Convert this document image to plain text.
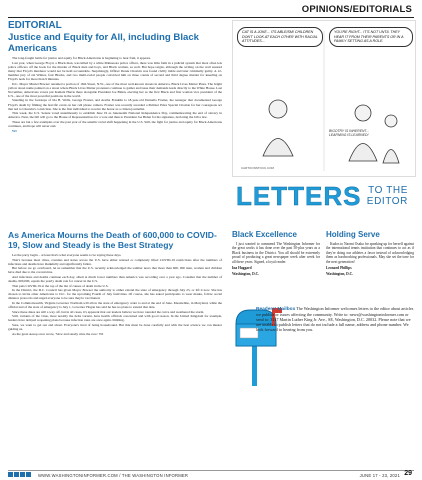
OPINIONS/EDITORIALS
EDITORIAL
Justice and Equity for All, including Black Americans

The long-fought battle for justice and equity for Black Americans is beginning to bear fruit, it appears.

Last year, when George Floyd, a Black man, was killed by a white Minnesota police officer, there was little faith in a judicial system that most often lets police officers off the hook for the murder of Black men and boys, and Black women, as well. But hope reigns, although the writing on the wall assured many that Floyd's murderer would not be held accountable. Surprisingly, Officer Derek Chauvin was found civilly liable and later criminally guilty. A 12-member jury of six Whites, four Blacks, and two multi-racial people convicted him on three counts of second and third degree murder for kneeling on Floyd's neck for more than 9 minutes.

D.C. Mayor Muriel Bowser renamed a portion of 16th Street, N.W., one of the most well-known streets in America, Black Lives Matter Plaza. The bright yellow street name painted on a street where Black Lives Matter protesters continue to gather and issue their demands leads directly to the White House. Last November, Americans voters put Kamala Harris there alongside President Joe Biden, electing her as the first Black and first woman vice president of the U.S., one of the most powerful positions in the world.

Standing in the footsteps of Ida B. Wells, George Frazier, and Aretha Franklin is 18-year-old Darnella Frazier, the teenager that documented George Floyd's death by filming the horrific event on her cell phone camera. Frazier was recently awarded a Pulitzer Prize Special Citation for her courageous act that led to Chauvin's conviction. She is the first individual to receive the honor as a citizen journalist.

This week, the U.S. Senate voted unanimously to establish June 19 as Juneteenth National Independence Day, commemorating the end of slavery in America. Next, the bill will go to the House of Representatives for a vote and then to President Joe Biden for his signature, declaring the bill a law.

These are but a few examples over the past year of the seismic racial shift happening in the U.S. Still, the fight for justice and equity for Black Americans continues, and hope will never end.

WI

CAT IS A JOKE... ITS ABLEISM! CHILDREN DON'T LOOK AT EACH OTHER WITH RACIAL ATTITUDES...
YOU'RE RIGHT... IT'S NOT UNTIL THEY HEAR IT FROM THEIR PARENTS OR IN A FAMILY SETTING AS A ROLE.
BIGOTRY IS INHERENT...
LEARNING IS LEARNED!
CARTOONSTOCK.COM
LETTERS TO THE
EDITOR
As America Mourns the Death of 600,000 to COVID-19, Slow and Steady is the Best Strategy

Let the party begin – at least that's what everyone seems to be saying these days.

That's because most cities, counties and states across the U.S. have either relaxed or completely lifted COVID-19 restrictions after the numbers of infections and deaths have thankfully and significantly fallen.

But before we go overboard, let us remember that the U.S. recently acknowledged the somber news that more than 600, 000 men, women and children have died due to the coronavirus.

And infections and deaths continue each day, albeit at much lower numbers than America was recording over a year ago. Consider that the number of deaths, 600,000, equals the yearly death rate for cancer in the U.S.

That puts COVID-19 at the top of the list of causes of death in the U.S.

In the District, the D.C. Council has given Mayor Bowser the authority to either extend the state of emergency through July 25, or lift it now. She has chosen to invite other Americans to D.C. for the upcoming Fourth of July festivities. Of course, she has asked participants to wear masks, follow social distance protocols and urged everyone to be sure they're vaccinated.

In the Commonwealth, Virginia Governor Northam will allow the state of emergency order to end at the end of June. Meanwhile, in Maryland, while the official end of the state of emergency is July 1, Governor Hogan has said he has no plans to extend that date.

Since these dates are still a way off, but in all cases, it's apparent that our leaders believe we have rounded the curve and weathered the storm.

Still, variants of the virus, most notably the delta variant, have health officials concerned and with good reason. In the United Kingdom for example, leaders have delayed reopening plans because infection rates are once again climbing.

Sure, we want to get out and about. Everyone's tired of being housebound. But this must be done carefully and with the best science we can muster guiding us.

As the great Aesop once wrote, 'Slow and steady wins the race.' WI

Black Excellence

I just wanted to commend The Washington Informer for the great works it has done over the past 50-plus years as a Black business in the District. You all should be extremely proud of producing a great newspaper week after week for all these years. Signed, a loyal reader.

Ina Haggard

Washington, D.C.

Holding Serve

Kudos to Naomi Osaka for speaking up for herself against the international tennis institution that continues to act as if they're doing our athletes a favor instead of acknowledging them as hardworking professionals. May she set the tone for the next generation!

Leonard Phillips

Washington, D.C.

Readers' Mailbox The Washington Informer welcomes letters to the editor about articles we publish or issues affecting the community. Write to: news@washingtoninformer.com or send to: 3117 Martin Luther King Jr. Ave., SE, Washington, D.C. 20032. Please note that we are unable to publish letters that do not include a full name, address and phone number. We look forward to hearing from you.
WWW.WASHINGTONINFORMER.COM / THE WASHINGTON INFORMER	JUNE 17 - 23, 2021 29
